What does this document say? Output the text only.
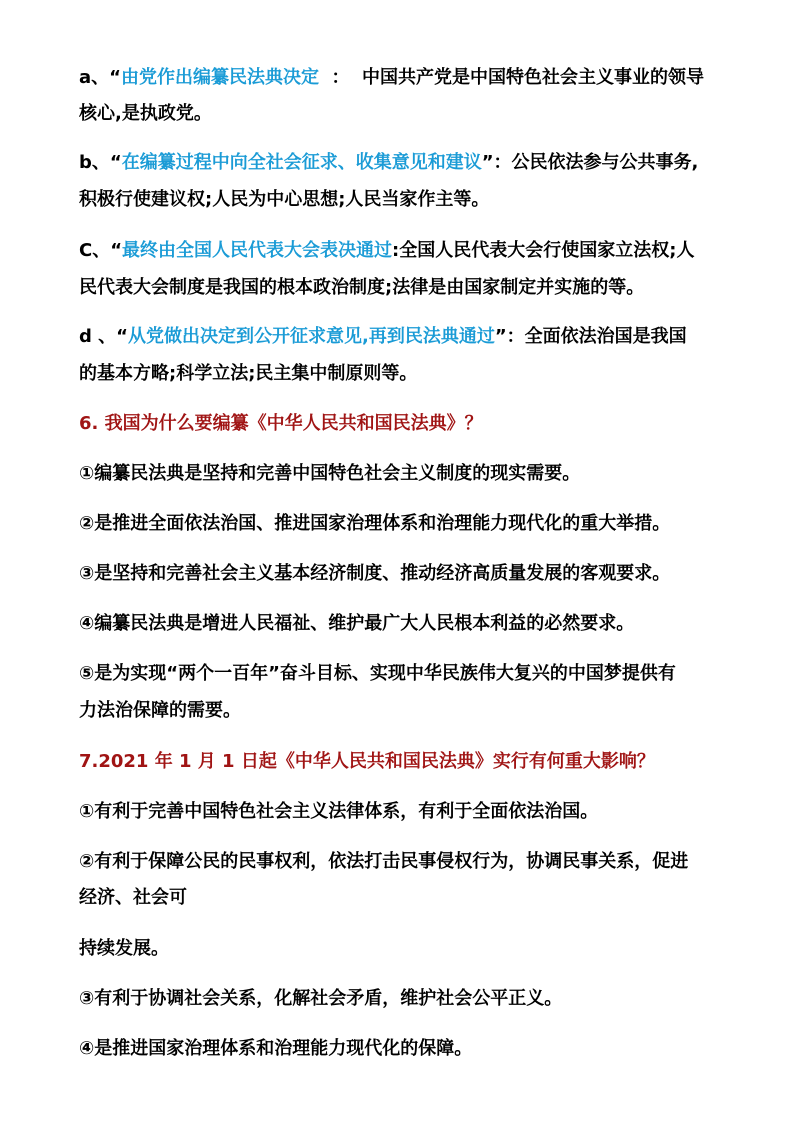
a、“由党作出编纂民法典决定  ：  中国共产党是中国特色社会主义事业的领导
核心,是执政党。
b、“在编纂过程中向全社会征求、收集意见和建议”：公民依法参与公共事务,
积极行使建议权;人民为中心思想;人民当家作主等。
C、“最终由全国人民代表大会表决通过:全国人民代表大会行使国家立法权;人
民代表大会制度是我国的根本政治制度;法律是由国家制定并实施的等。
d 、“从党做出决定到公开征求意见,再到民法典通过”：全面依法治国是我国
的基本方略;科学立法;民主集中制原则等。
6. 我国为什么要编纂《中华人民共和国民法典》？
①编纂民法典是坚持和完善中国特色社会主义制度的现实需要。
②是推进全面依法治国、推进国家治理体系和治理能力现代化的重大举措。
③是坚持和完善社会主义基本经济制度、推动经济高质量发展的客观要求。
④编纂民法典是增进人民福祉、维护最广大人民根本利益的必然要求。
⑤是为实现“两个一百年”奋斗目标、实现中华民族伟大复兴的中国梦提供有
力法治保障的需要。
7.2021 年 1 月 1 日起《中华人民共和国民法典》实行有何重大影响？
①有利于完善中国特色社会主义法律体系，有利于全面依法治国。
②有利于保障公民的民事权利，依法打击民事侵权行为，协调民事关系，促进
经济、社会可
持续发展。
③有利于协调社会关系，化解社会矛盾，维护社会公平正义。
④是推进国家治理体系和治理能力现代化的保障。
